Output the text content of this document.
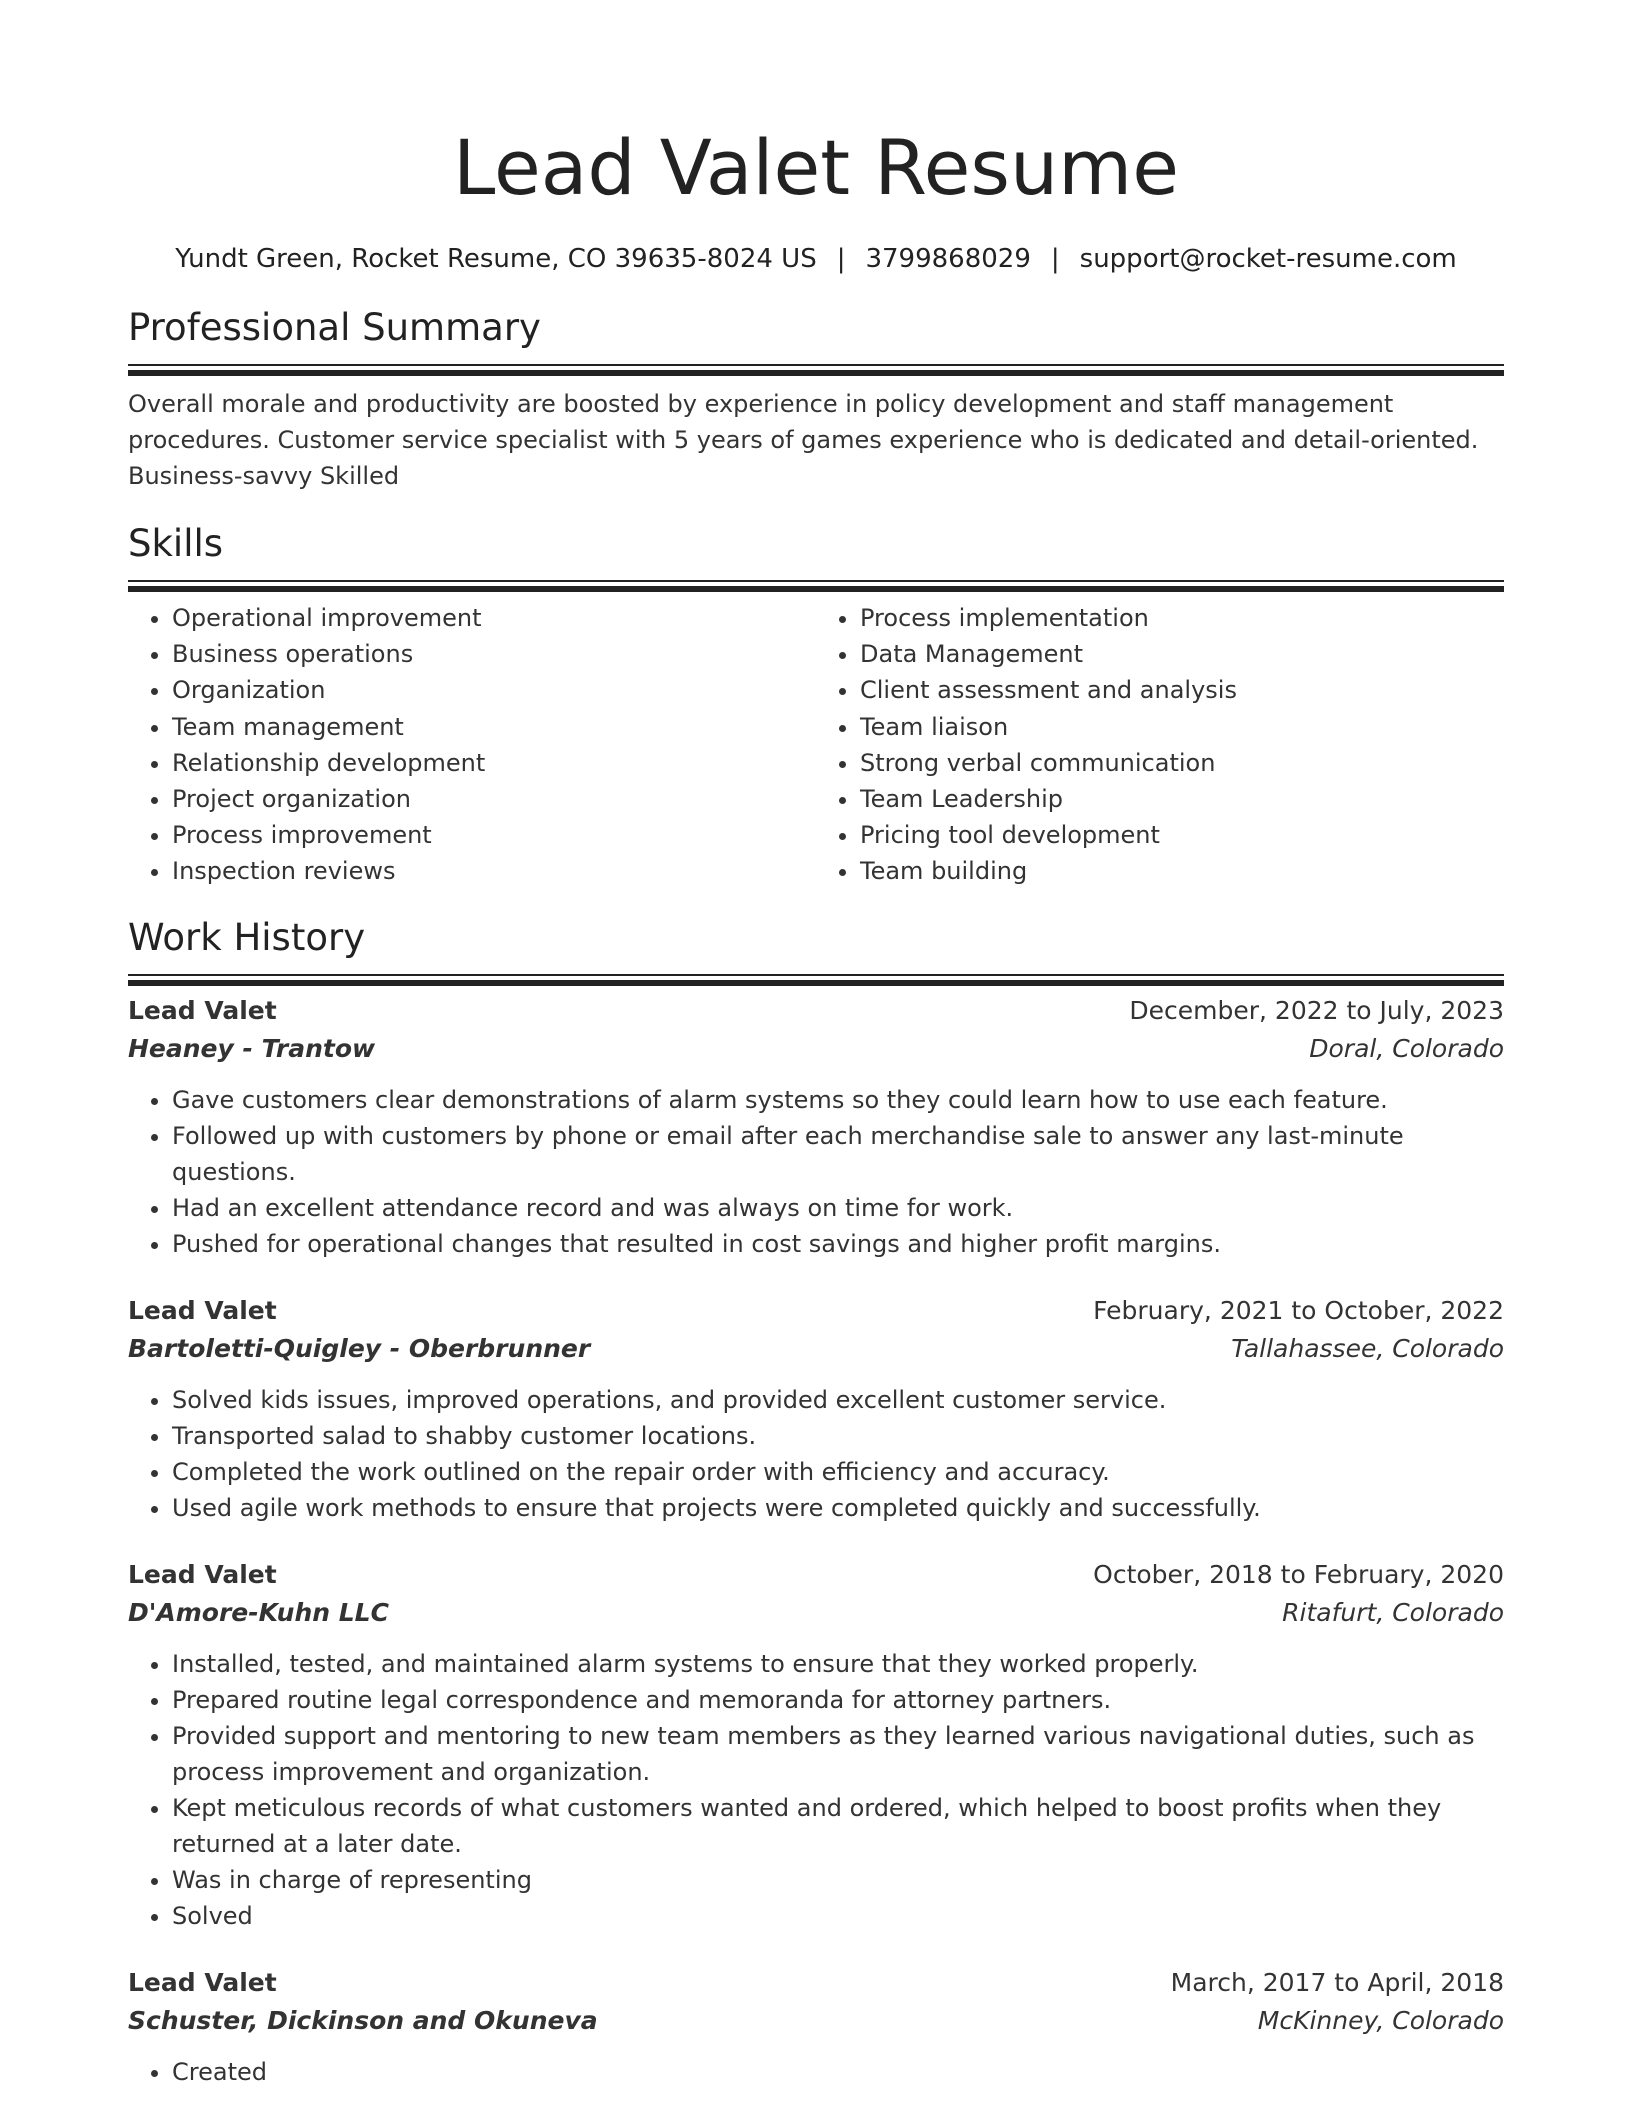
Lead Valet Resume
Yundt Green, Rocket Resume, CO 39635-8024 US | 3799868029 | support@rocket-resume.com
Professional Summary
Overall morale and productivity are boosted by experience in policy development and staff management procedures. Customer service specialist with 5 years of games experience who is dedicated and detail-oriented. Business-savvy Skilled
Skills
• Operational improvement
• Business operations
• Organization
• Team management
• Relationship development
• Project organization
• Process improvement
• Inspection reviews
• Process implementation
• Data Management
• Client assessment and analysis
• Team liaison
• Strong verbal communication
• Team Leadership
• Pricing tool development
• Team building
Work History
Lead Valet	December, 2022 to July, 2023
Heaney - Trantow	Doral, Colorado
• Gave customers clear demonstrations of alarm systems so they could learn how to use each feature.
• Followed up with customers by phone or email after each merchandise sale to answer any last-minute questions.
• Had an excellent attendance record and was always on time for work.
• Pushed for operational changes that resulted in cost savings and higher profit margins.
Lead Valet	February, 2021 to October, 2022
Bartoletti-Quigley - Oberbrunner	Tallahassee, Colorado
• Solved kids issues, improved operations, and provided excellent customer service.
• Transported salad to shabby customer locations.
• Completed the work outlined on the repair order with efficiency and accuracy.
• Used agile work methods to ensure that projects were completed quickly and successfully.
Lead Valet	October, 2018 to February, 2020
D'Amore-Kuhn LLC	Ritafurt, Colorado
• Installed, tested, and maintained alarm systems to ensure that they worked properly.
• Prepared routine legal correspondence and memoranda for attorney partners.
• Provided support and mentoring to new team members as they learned various navigational duties, such as process improvement and organization.
• Kept meticulous records of what customers wanted and ordered, which helped to boost profits when they returned at a later date.
• Was in charge of representing
• Solved
Lead Valet	March, 2017 to April, 2018
Schuster, Dickinson and Okuneva	McKinney, Colorado
• Created
